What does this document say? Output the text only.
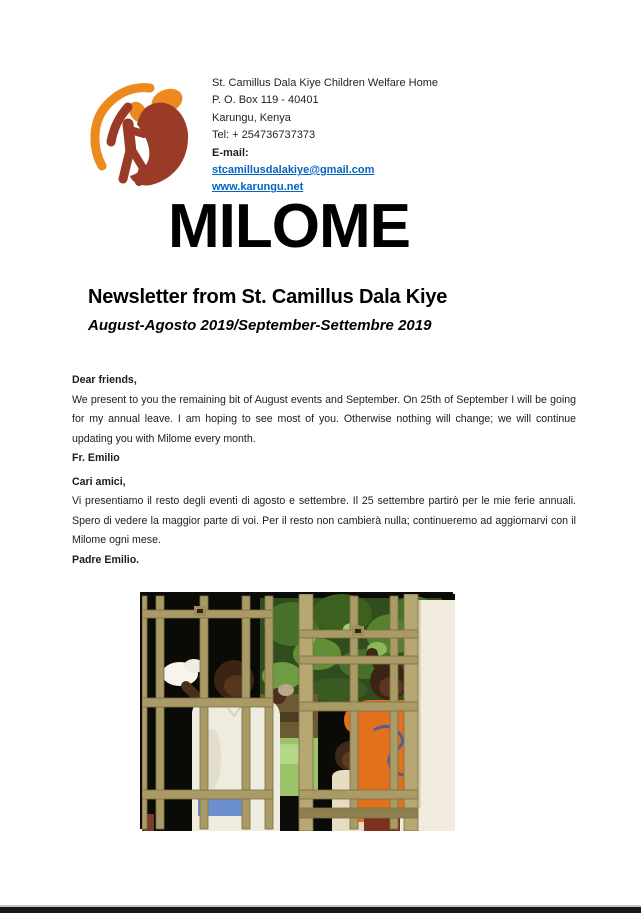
St. Camillus Dala Kiye Children Welfare Home
P. O. Box 119 - 40401
Karungu, Kenya
Tel: + 254736737373
E-mail:
stcamillusdalakiye@gmail.com
www.karungu.net
MILOME
Newsletter from St. Camillus Dala Kiye
August-Agosto 2019/September-Settembre 2019
Dear friends,
We present to you the remaining bit of August events and September. On 25th of September I will be going for my annual leave. I am hoping to see most of you. Otherwise nothing will change; we will continue updating you with Milome every month.
Fr. Emilio
Cari amici,
Vi presentiamo il resto degli eventi di agosto e settembre. Il 25 settembre partirò per le mie ferie annuali. Spero di vedere la maggior parte di voi. Per il resto non cambierà nulla; continueremo ad aggiornarvi con il Milome ogni mese.
Padre Emilio.
